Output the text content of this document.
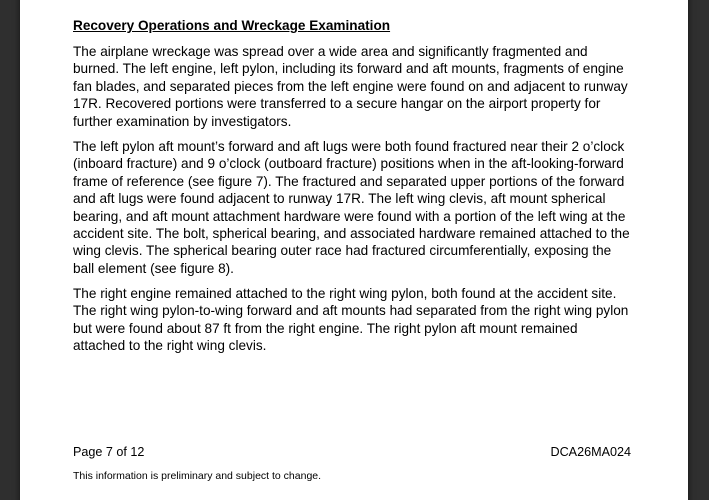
Recovery Operations and Wreckage Examination

The airplane wreckage was spread over a wide area and significantly fragmented and burned. The left engine, left pylon, including its forward and aft mounts, fragments of engine fan blades, and separated pieces from the left engine were found on and adjacent to runway 17R. Recovered portions were transferred to a secure hangar on the airport property for further examination by investigators.

The left pylon aft mount’s forward and aft lugs were both found fractured near their 2 o’clock (inboard fracture) and 9 o’clock (outboard fracture) positions when in the aft-looking-forward frame of reference (see figure 7). The fractured and separated upper portions of the forward and aft lugs were found adjacent to runway 17R. The left wing clevis, aft mount spherical bearing, and aft mount attachment hardware were found with a portion of the left wing at the accident site. The bolt, spherical bearing, and associated hardware remained attached to the wing clevis. The spherical bearing outer race had fractured circumferentially, exposing the ball element (see figure 8).

The right engine remained attached to the right wing pylon, both found at the accident site. The right wing pylon-to-wing forward and aft mounts had separated from the right wing pylon but were found about 87 ft from the right engine. The right pylon aft mount remained attached to the right wing clevis.

Page 7 of 12	DCA26MA024
This information is preliminary and subject to change.
